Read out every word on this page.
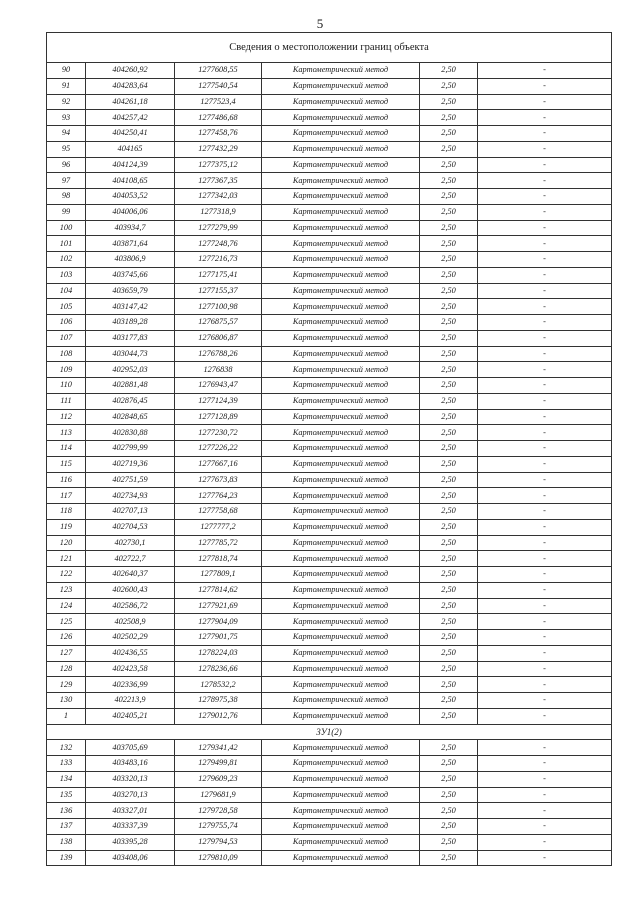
5
Сведения о местоположении границ объекта					
90	404260,92	1277608,55	Картометрический метод	2,50	-
91	404283,64	1277540,54	Картометрический метод	2,50	-
92	404261,18	1277523,4	Картометрический метод	2,50	-
93	404257,42	1277486,68	Картометрический метод	2,50	-
94	404250,41	1277458,76	Картометрический метод	2,50	-
95	404165	1277432,29	Картометрический метод	2,50	-
96	404124,39	1277375,12	Картометрический метод	2,50	-
97	404108,65	1277367,35	Картометрический метод	2,50	-
98	404053,52	1277342,03	Картометрический метод	2,50	-
99	404006,06	1277318,9	Картометрический метод	2,50	-
100	403934,7	1277279,99	Картометрический метод	2,50	-
101	403871,64	1277248,76	Картометрический метод	2,50	-
102	403806,9	1277216,73	Картометрический метод	2,50	-
103	403745,66	1277175,41	Картометрический метод	2,50	-
104	403659,79	1277155,37	Картометрический метод	2,50	-
105	403147,42	1277100,98	Картометрический метод	2,50	-
106	403189,28	1276875,57	Картометрический метод	2,50	-
107	403177,83	1276806,87	Картометрический метод	2,50	-
108	403044,73	1276788,26	Картометрический метод	2,50	-
109	402952,03	1276838	Картометрический метод	2,50	-
110	402881,48	1276943,47	Картометрический метод	2,50	-
111	402876,45	1277124,39	Картометрический метод	2,50	-
112	402848,65	1277128,89	Картометрический метод	2,50	-
113	402830,88	1277230,72	Картометрический метод	2,50	-
114	402799,99	1277226,22	Картометрический метод	2,50	-
115	402719,36	1277667,16	Картометрический метод	2,50	-
116	402751,59	1277673,83	Картометрический метод	2,50	-
117	402734,93	1277764,23	Картометрический метод	2,50	-
118	402707,13	1277758,68	Картометрический метод	2,50	-
119	402704,53	1277777,2	Картометрический метод	2,50	-
120	402730,1	1277785,72	Картометрический метод	2,50	-
121	402722,7	1277818,74	Картометрический метод	2,50	-
122	402640,37	1277809,1	Картометрический метод	2,50	-
123	402600,43	1277814,62	Картометрический метод	2,50	-
124	402586,72	1277921,69	Картометрический метод	2,50	-
125	402508,9	1277904,09	Картометрический метод	2,50	-
126	402502,29	1277901,75	Картометрический метод	2,50	-
127	402436,55	1278224,03	Картометрический метод	2,50	-
128	402423,58	1278236,66	Картометрический метод	2,50	-
129	402336,99	1278532,2	Картометрический метод	2,50	-
130	402213,9	1278975,38	Картометрический метод	2,50	-
1	402405,21	1279012,76	Картометрический метод	2,50	-
3У1(2)					
132	403705,69	1279341,42	Картометрический метод	2,50	-
133	403483,16	1279499,81	Картометрический метод	2,50	-
134	403320,13	1279609,23	Картометрический метод	2,50	-
135	403270,13	1279681,9	Картометрический метод	2,50	-
136	403327,01	1279728,58	Картометрический метод	2,50	-
137	403337,39	1279755,74	Картометрический метод	2,50	-
138	403395,28	1279794,53	Картометрический метод	2,50	-
139	403408,06	1279810,09	Картометрический метод	2,50	-
